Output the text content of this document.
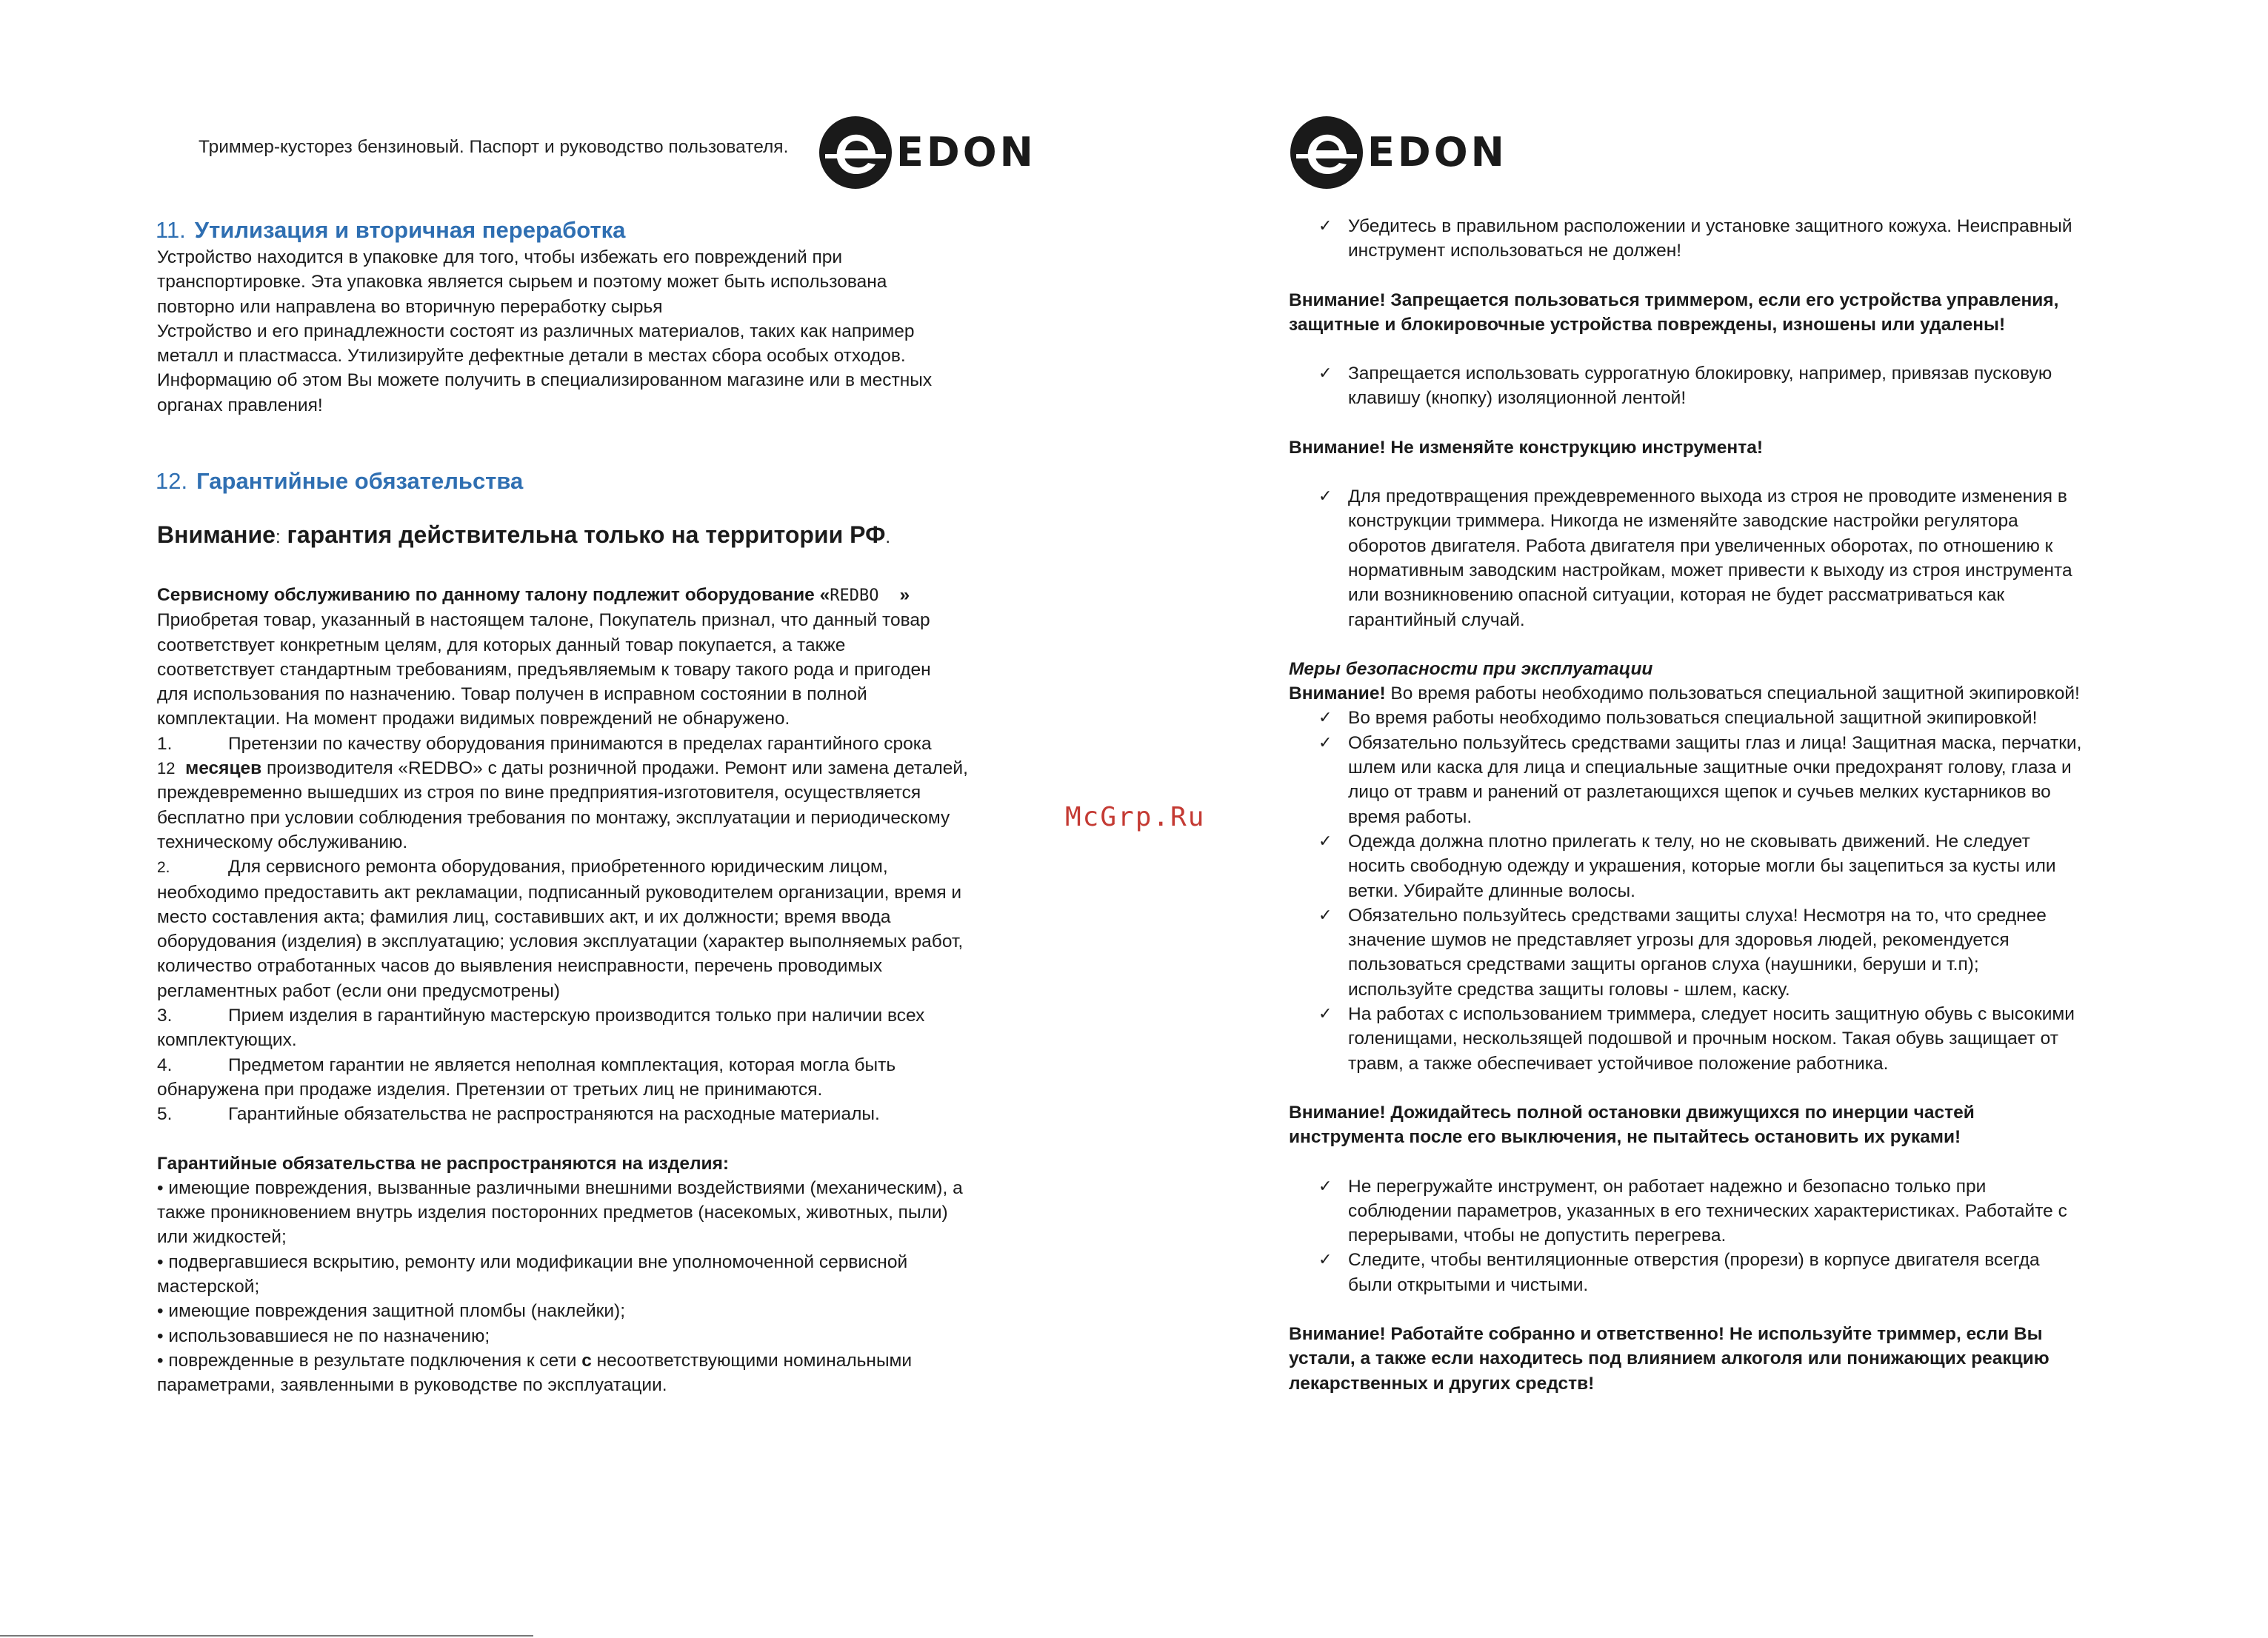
Триммер-кусторез бензиновый. Паспорт и руководство пользователя.	EDON
11. Утилизация и вторичная переработка

Устройство находится в упаковке для того, чтобы избежать его повреждений при

транспортировке. Эта упаковка является сырьем и поэтому может быть использована

повторно или направлена во вторичную переработку сырья

Устройство и его принадлежности состоят из различных материалов, таких как например

металл и пластмасса. Утилизируйте дефектные детали в местах сбора особых отходов.

Информацию об этом Вы можете получить в специализированном магазине или в местных

органах правления!

12. Гарантийные обязательства
Внимание: гарантия действительна только на территории РФ.

Сервисному обслуживанию по данному талону подлежит оборудование «REDBO »

Приобретая товар, указанный в настоящем талоне, Покупатель признал, что данный товар

соответствует конкретным целям, для которых данный товар покупается, а также

соответствует стандартным требованиям, предъявляемым к товару такого рода и пригоден

для использования по назначению. Товар получен в исправном состоянии в полной

комплектации. На момент продажи видимых повреждений не обнаружено.

1.	Претензии по качеству оборудования принимаются в пределах гарантийного срока

12 месяцев производителя «REDBO» с даты розничной продажи. Ремонт или замена деталей,

преждевременно вышедших из строя по вине предприятия-изготовителя, осуществляется

бесплатно при условии соблюдения требования по монтажу, эксплуатации и периодическому

техническому обслуживанию.

2.	Для сервисного ремонта оборудования, приобретенного юридическим лицом,

необходимо предоставить акт рекламации, подписанный руководителем организации, время и

место составления акта; фамилия лиц, составивших акт, и их должности; время ввода

оборудования (изделия) в эксплуатацию; условия эксплуатации (характер выполняемых работ,

количество отработанных часов до выявления неисправности, перечень проводимых

регламентных работ (если они предусмотрены)

3.	Прием изделия в гарантийную мастерскую производится только при наличии всех

комплектующих.

4.	Предметом гарантии не является неполная комплектация, которая могла быть

обнаружена при продаже изделия. Претензии от третьих лиц не принимаются.

5.	Гарантийные обязательства не распространяются на расходные материалы.

Гарантийные обязательства не распространяются на изделия:

• имеющие повреждения, вызванные различными внешними воздействиями (механическим), а

также проникновением внутрь изделия посторонних предметов (насекомых, животных, пыли)

или жидкостей;

• подвергавшиеся вскрытию, ремонту или модификации вне уполномоченной сервисной

мастерской;

• имеющие повреждения защитной пломбы (наклейки);

• использовавшиеся не по назначению;

• поврежденные в результате подключения к сети с несоответствующими номинальными

параметрами, заявленными в руководстве по эксплуатации.

McGrp.Ru
EDON
✓ Убедитесь в правильном расположении и установке защитного кожуха. Неисправный

инструмент использоваться не должен!

Внимание! Запрещается пользоваться триммером, если его устройства управления,

защитные и блокировочные устройства повреждены, изношены или удалены!

✓ Запрещается использовать суррогатную блокировку, например, привязав пусковую

клавишу (кнопку) изоляционной лентой!

Внимание! Не изменяйте конструкцию инструмента!

✓ Для предотвращения преждевременного выхода из строя не проводите изменения в

конструкции триммера. Никогда не изменяйте заводские настройки регулятора

оборотов двигателя. Работа двигателя при увеличенных оборотах, по отношению к

нормативным заводским настройкам, может привести к выходу из строя инструмента

или возникновению опасной ситуации, которая не будет рассматриваться как

гарантийный случай.

Меры безопасности при эксплуатации

Внимание! Во время работы необходимо пользоваться специальной защитной экипировкой!

✓ Во время работы необходимо пользоваться специальной защитной экипировкой!

✓ Обязательно пользуйтесь средствами защиты глаз и лица! Защитная маска, перчатки,

шлем или каска для лица и специальные защитные очки предохранят голову, глаза и

лицо от травм и ранений от разлетающихся щепок и сучьев мелких кустарников во

время работы.

✓ Одежда должна плотно прилегать к телу, но не сковывать движений. Не следует

носить свободную одежду и украшения, которые могли бы зацепиться за кусты или

ветки. Убирайте длинные волосы.

✓ Обязательно пользуйтесь средствами защиты слуха! Несмотря на то, что среднее

значение шумов не представляет угрозы для здоровья людей, рекомендуется

пользоваться средствами защиты органов слуха (наушники, беруши и т.п);

используйте средства защиты головы - шлем, каску.

✓ На работах с использованием триммера, следует носить защитную обувь с высокими

голенищами, нескользящей подошвой и прочным носком. Такая обувь защищает от

травм, а также обеспечивает устойчивое положение работника.

Внимание! Дожидайтесь полной остановки движущихся по инерции частей

инструмента после его выключения, не пытайтесь остановить их руками!

✓ Не перегружайте инструмент, он работает надежно и безопасно только при

соблюдении параметров, указанных в его технических характеристиках. Работайте с

перерывами, чтобы не допустить перегрева.

✓ Следите, чтобы вентиляционные отверстия (прорези) в корпусе двигателя всегда

были открытыми и чистыми.

Внимание! Работайте собранно и ответственно! Не используйте триммер, если Вы

устали, а также если находитесь под влиянием алкоголя или понижающих реакцию

лекарственных и других средств!
